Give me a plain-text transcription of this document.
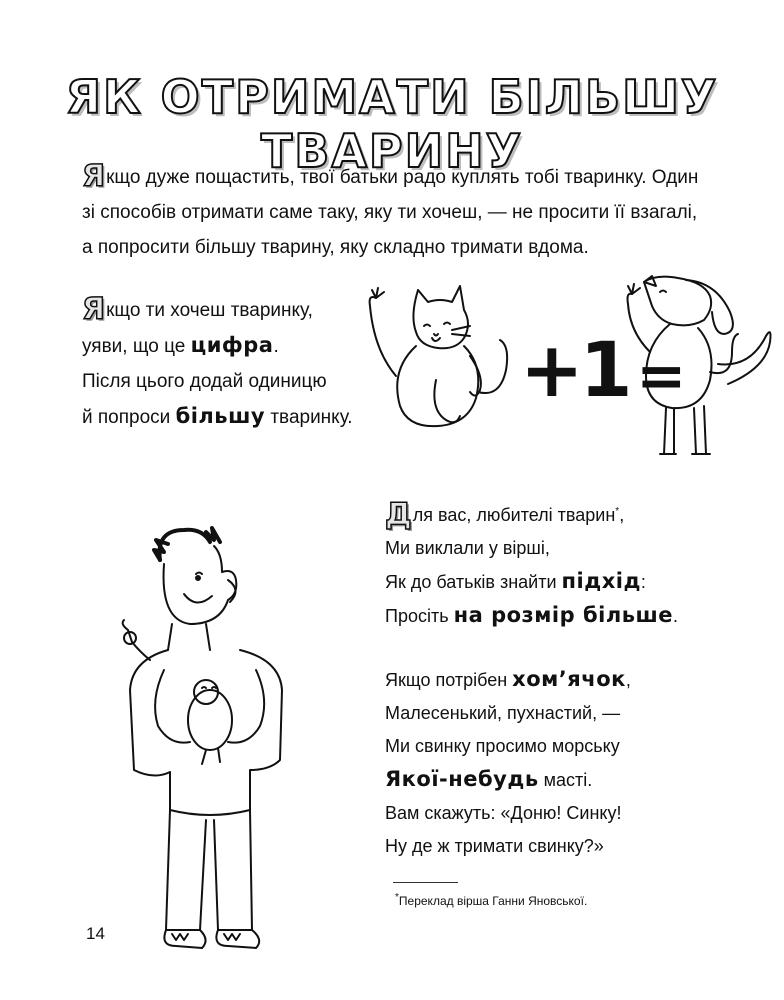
ЯК ОТРИМАТИ БІЛЬШУ ТВАРИНУ
Якщо дуже пощастить, твої батьки радо куплять тобі тваринку. Один
зі способів отримати саме таку, яку ти хочеш, — не просити її взагалі,
а попросити більшу тварину, яку складно тримати вдома.
Якщо ти хочеш тваринку,
уяви, що це цифра.
Після цього додай одиницю
й попроси більшу тваринку.
+1 =
Для вас, любителі тварин*,
Ми виклали у вірші,
Як до батьків знайти підхід:
Просіть на розмір більше.
Якщо потрібен хом’ячок,
Малесенький, пухнастий, —
Ми свинку просимо морську
Якої-небудь масті.
Вам скажуть: «Доню! Синку!
Ну де ж тримати свинку?»
*Переклад вірша Ганни Яновської.
14
